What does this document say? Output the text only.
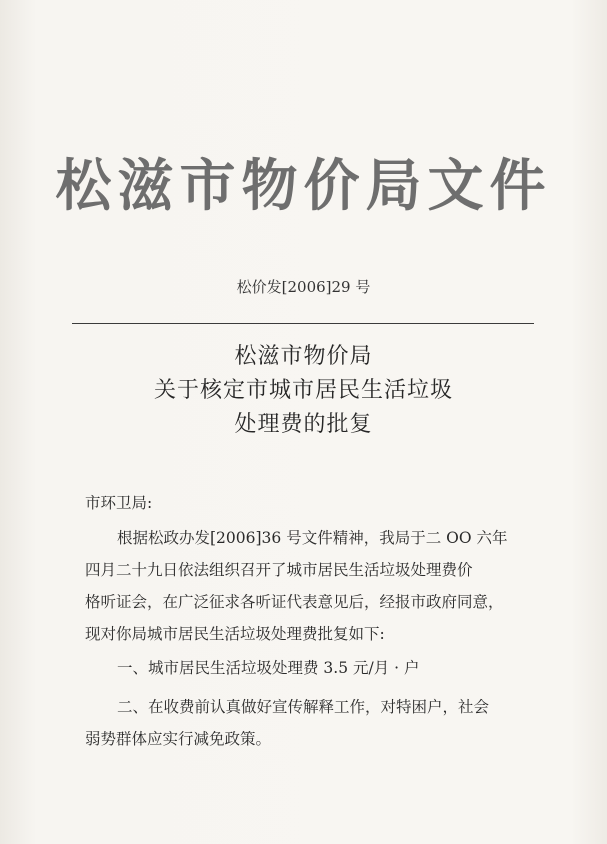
松滋市物价局文件
松价发[2006]29 号
松滋市物价局
关于核定市城市居民生活垃圾
处理费的批复
市环卫局:
根据松政办发[2006]36 号文件精神，我局于二 OO 六年
四月二十九日依法组织召开了城市居民生活垃圾处理费价
格听证会，在广泛征求各听证代表意见后，经报市政府同意，
现对你局城市居民生活垃圾处理费批复如下:
一、城市居民生活垃圾处理费 3.5 元/月 · 户
二、在收费前认真做好宣传解释工作，对特困户，社会
弱势群体应实行减免政策。
